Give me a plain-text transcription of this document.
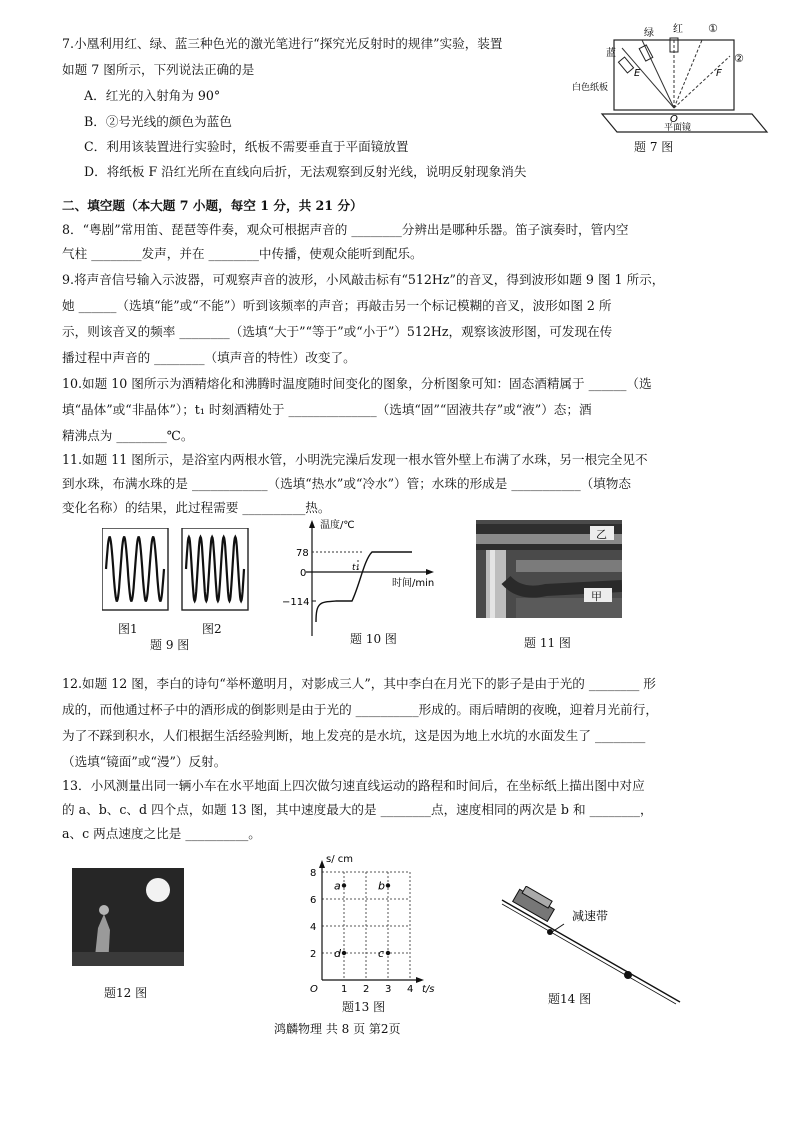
7.小凰利用红、绿、蓝三种色光的激光笔进行“探究光反射时的规律”实验，装置
如题 7 图所示，下列说法正确的是
A．红光的入射角为 90°
B．②号光线的颜色为蓝色
C．利用该装置进行实验时，纸板不需要垂直于平面镜放置
D．将纸板 F 沿红光所在直线向后折，无法观察到反射光线，说明反射现象消失
红
绿
蓝
①
②
E	F
O
白色纸板
平面镜
题 7 图
二、填空题（本大题 7 小题，每空 1 分，共 21 分）
8．“粤剧”常用笛、琵琶等件奏，观众可根据声音的 ________分辨出是哪种乐器。笛子演奏时，管内空
气柱 ________发声，并在 ________中传播，使观众能听到配乐。
9.将声音信号输入示波器，可观察声音的波形，小风敲击标有“512Hz”的音叉，得到波形如题 9 图 1 所示，
她 ______（选填“能”或“不能”）听到该频率的声音；再敲击另一个标记模糊的音叉，波形如图 2 所
示，则该音叉的频率 ________（选填“大于”“等于”或“小于”）512Hz，观察该波形图，可发现在传
播过程中声音的 ________（填声音的特性）改变了。
10.如题 10 图所示为酒精熔化和沸腾时温度随时间变化的图象，分析图象可知：固态酒精属于 ______（选
填“晶体”或“非晶体”）；t₁ 时刻酒精处于 ______________（选填“固”“固液共存”或“液”）态；酒
精沸点为 ________℃。
11.如题 11 图所示，是浴室内两根水管，小明洗完澡后发现一根水管外壁上布满了水珠，另一根完全见不
到水珠，布满水珠的是 ____________（选填“热水”或“冷水”）管；水珠的形成是 ___________（填物态
变化名称）的结果，此过程需要 __________热。
图1	图2
题 9 图
温度/℃
时间/min
78
0
−114
t₁
题 10 图
乙
甲
题 11 图
12.如题 12 图，李白的诗句“举杯邀明月，对影成三人”，其中李白在月光下的影子是由于光的 ________ 形
成的，而他通过杯子中的酒形成的倒影则是由于光的 __________形成的。雨后晴朗的夜晚，迎着月光前行，
为了不踩到积水，人们根据生活经验判断，地上发亮的是水坑，这是因为地上水坑的水面发生了 ________
（选填“镜面”或“漫”）反射。
13．小风测量出同一辆小车在水平地面上四次做匀速直线运动的路程和时间后，在坐标纸上描出图中对应
的 a、b、c、d 四个点，如题 13 图，其中速度最大的是 ________点，速度相同的两次是 b 和 ________，
a、c 两点速度之比是 __________。
题12 图
2
4
6
8
1 2 3 4
a	b
c
d
s/ cm
t/s
O
题13 图
减速带
题14 图
鸿麟物理 共 8 页 第2页
